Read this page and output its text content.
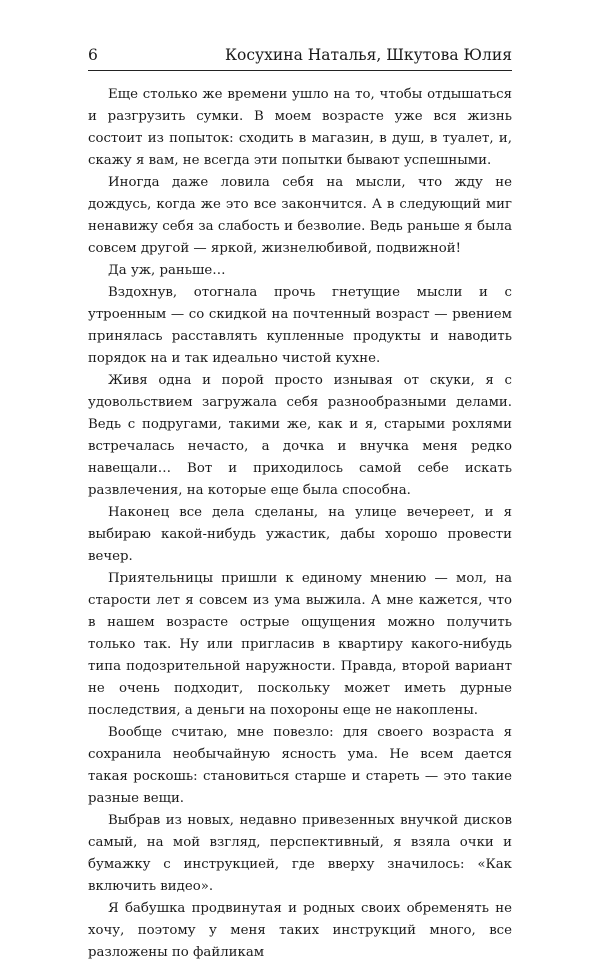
6	Косухина Наталья, Шкутова Юлия

Еще столько же времени ушло на то, чтобы отдышаться и разгрузить сумки. В моем возрасте уже вся жизнь состоит из попыток: сходить в магазин, в душ, в туалет, и, скажу я вам, не всегда эти попытки бывают успешными.

Иногда даже ловила себя на мысли, что жду не дождусь, когда же это все закончится. А в следующий миг ненавижу себя за слабость и безволие. Ведь раньше я была совсем другой — яркой, жизнелюбивой, подвижной!

Да уж, раньше…

Вздохнув, отогнала прочь гнетущие мысли и с утроенным — со скидкой на почтенный возраст — рвением принялась расставлять купленные продукты и наводить порядок на и так идеально чистой кухне.

Живя одна и порой просто изнывая от скуки, я с удовольствием загружала себя разнообразными делами. Ведь с подругами, такими же, как и я, старыми рохлями встречалась нечасто, а дочка и внучка меня редко навещали… Вот и приходилось самой себе искать развлечения, на которые еще была способна.

Наконец все дела сделаны, на улице вечереет, и я выбираю какой-нибудь ужастик, дабы хорошо провести вечер.

Приятельницы пришли к единому мнению — мол, на старости лет я совсем из ума выжила. А мне кажется, что в нашем возрасте острые ощущения можно получить только так. Ну или пригласив в квартиру какого-нибудь типа подозрительной наружности. Правда, второй вариант не очень подходит, поскольку может иметь дурные последствия, а деньги на похороны еще не накоплены.

Вообще считаю, мне повезло: для своего возраста я сохранила необычайную ясность ума. Не всем дается такая роскошь: становиться старше и стареть — это такие разные вещи.

Выбрав из новых, недавно привезенных внучкой дисков самый, на мой взгляд, перспективный, я взяла очки и бумажку с инструкцией, где вверху значилось: «Как включить видео».

Я бабушка продвинутая и родных своих обременять не хочу, поэтому у меня таких инструкций много, все разложены по файликам
